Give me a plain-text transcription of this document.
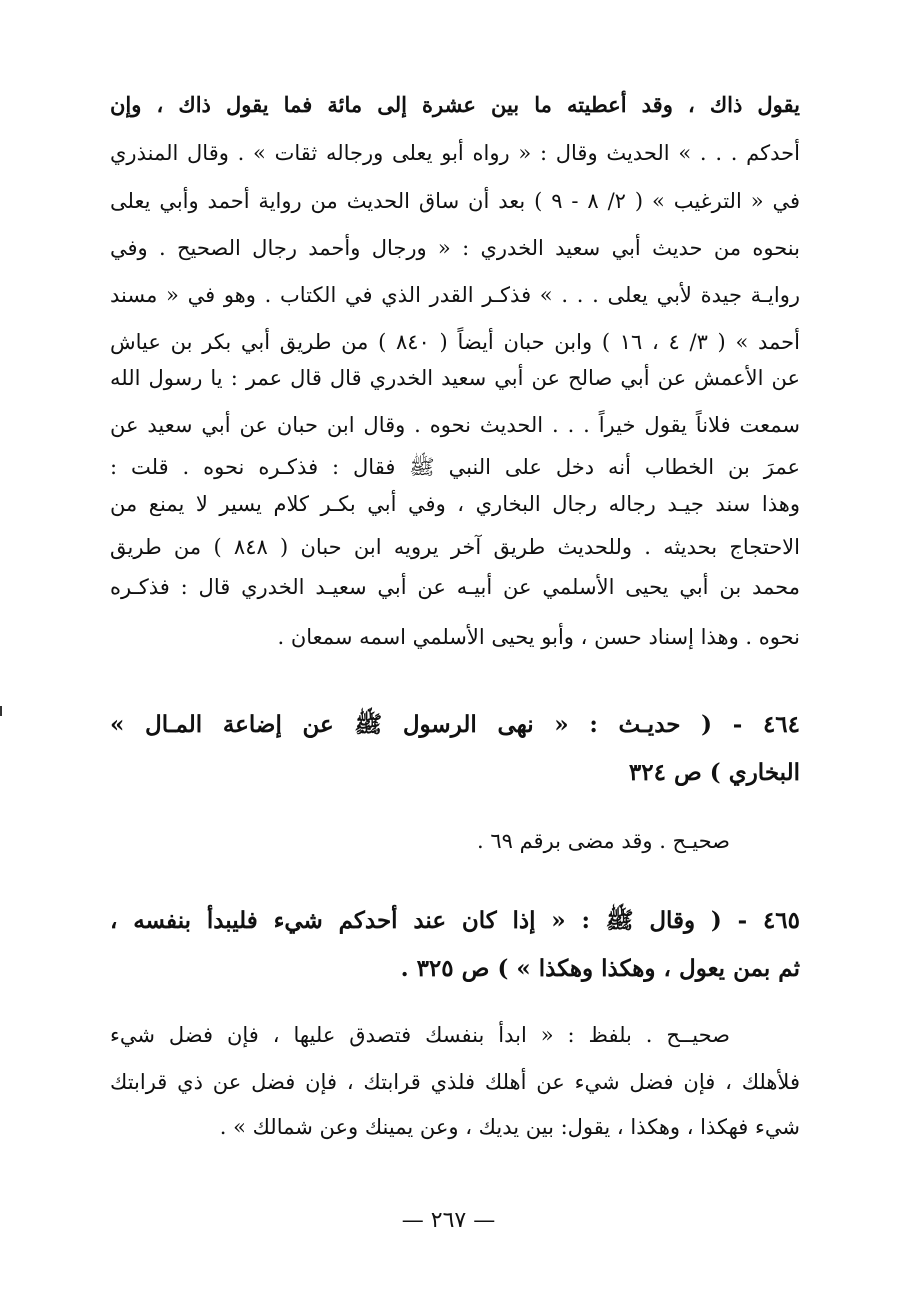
يقول ذاك ، وقد أعطيته ما بين عشرة إلى مائة فما يقول ذاك ، وإن
أحدكم . . . » الحديث وقال : « رواه أبو يعلى ورجاله ثقات » . وقال المنذري
في « الترغيب » ( ٢/ ٨ - ٩ ) بعد أن ساق الحديث من رواية أحمد وأبي يعلى
بنحوه من حديث أبي سعيد الخدري : « ورجال وأحمد رجال الصحيح . وفي
روايـة جيدة لأبي يعلى . . . » فذكـر القدر الذي في الكتاب . وهو في « مسند
أحمد » ( ٣/ ٤ ، ١٦ ) وابن حبان أيضاً ( ٨٤٠ ) من طريق أبي بكر بن عياش
عن الأعمش عن أبي صالح عن أبي سعيد الخدري قال قال عمر : يا رسول الله
سمعت فلاناً يقول خيراً . . . الحديث نحوه . وقال ابن حبان عن أبي سعيد عن
عمرَ بن الخطاب أنه دخل على النبي ﷺ فقال : فذكـره نحوه . قلت :
وهذا سند جيـد رجاله رجال البخاري ، وفي أبي بكـر كلام يسير لا يمنع من
الاحتجاج بحديثه . وللحديث طريق آخر يرويه ابن حبان ( ٨٤٨ ) من طريق
محمد بن أبي يحيى الأسلمي عن أبيـه عن أبي سعيـد الخدري قال : فذكـره
نحوه . وهذا إسناد حسن ، وأبو يحيى الأسلمي اسمه سمعان .
٤٦٤ - ( حديـث : « نهى الرسول ﷺ عن إضاعة المـال »
البخاري ) ص ٣٢٤
صحيـح . وقد مضى برقم ٦٩ .
٤٦٥ - ( وقال ﷺ : « إذا كان عند أحدكم شيء فليبدأ بنفسه ،
ثم بمن يعول ، وهكذا وهكذا » ) ص ٣٢٥ .
صحيــح . بلفظ : « ابدأ بنفسك فتصدق عليها ، فإن فضل شيء
فلأهلك ، فإن فضل شيء عن أهلك فلذي قرابتك ، فإن فضل عن ذي قرابتك
شيء فهكذا ، وهكذا ، يقول: بين يديك ، وعن يمينك وعن شمالك » .
— ٢٦٧ —
